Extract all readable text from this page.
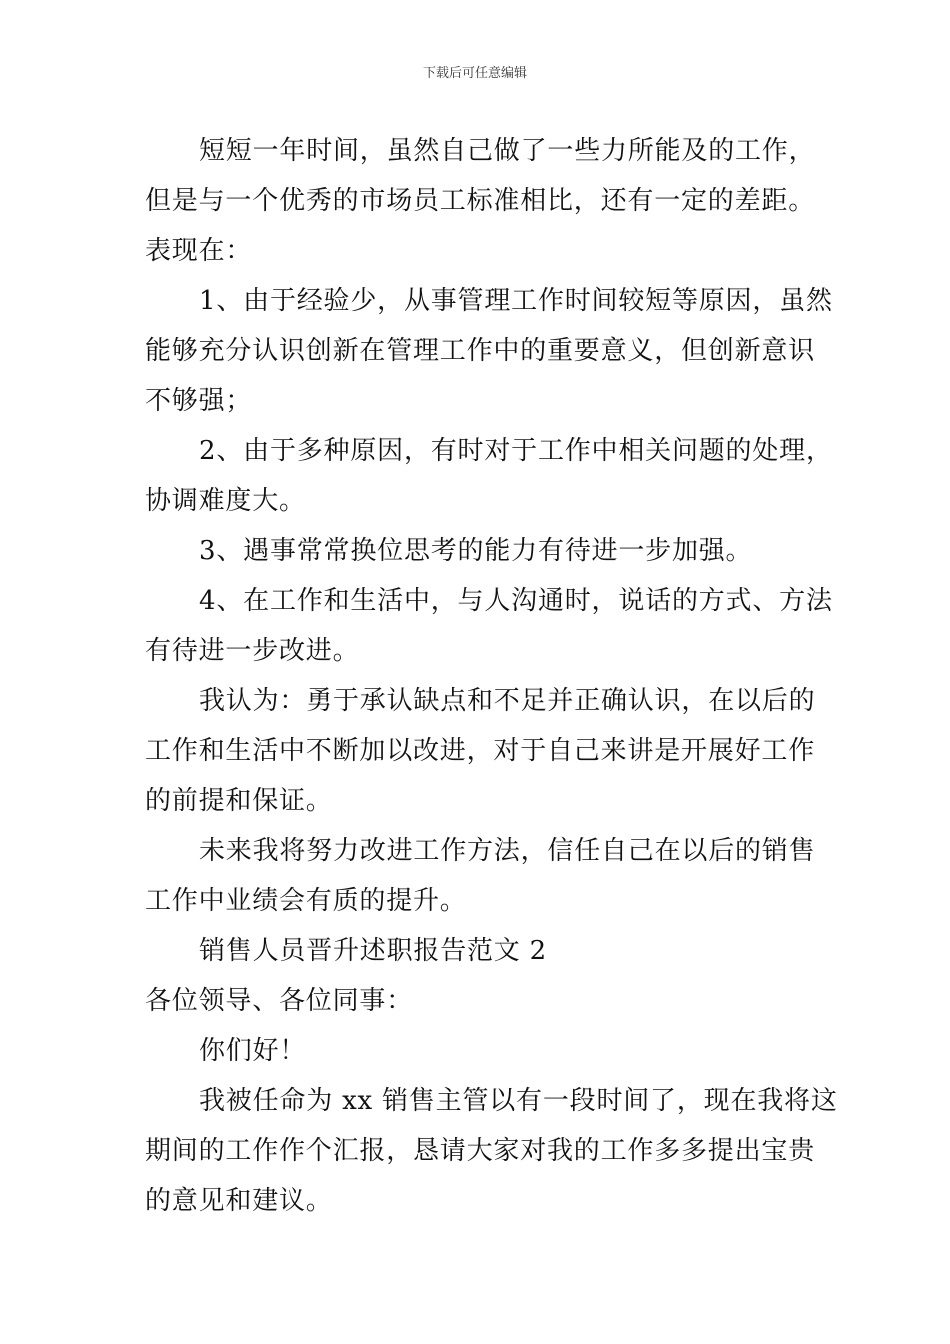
下载后可任意编辑

短短一年时间，虽然自己做了一些力所能及的工作，

但是与一个优秀的市场员工标准相比，还有一定的差距。

表现在：

1、由于经验少，从事管理工作时间较短等原因，虽然

能够充分认识创新在管理工作中的重要意义，但创新意识

不够强；

2、由于多种原因，有时对于工作中相关问题的处理，

协调难度大。

3、遇事常常换位思考的能力有待进一步加强。

4、在工作和生活中，与人沟通时，说话的方式、方法

有待进一步改进。

我认为：勇于承认缺点和不足并正确认识，在以后的

工作和生活中不断加以改进，对于自己来讲是开展好工作

的前提和保证。

未来我将努力改进工作方法，信任自己在以后的销售

工作中业绩会有质的提升。

销售人员晋升述职报告范文 2

各位领导、各位同事：

你们好！

我被任命为 xx 销售主管以有一段时间了，现在我将这

期间的工作作个汇报，恳请大家对我的工作多多提出宝贵

的意见和建议。
